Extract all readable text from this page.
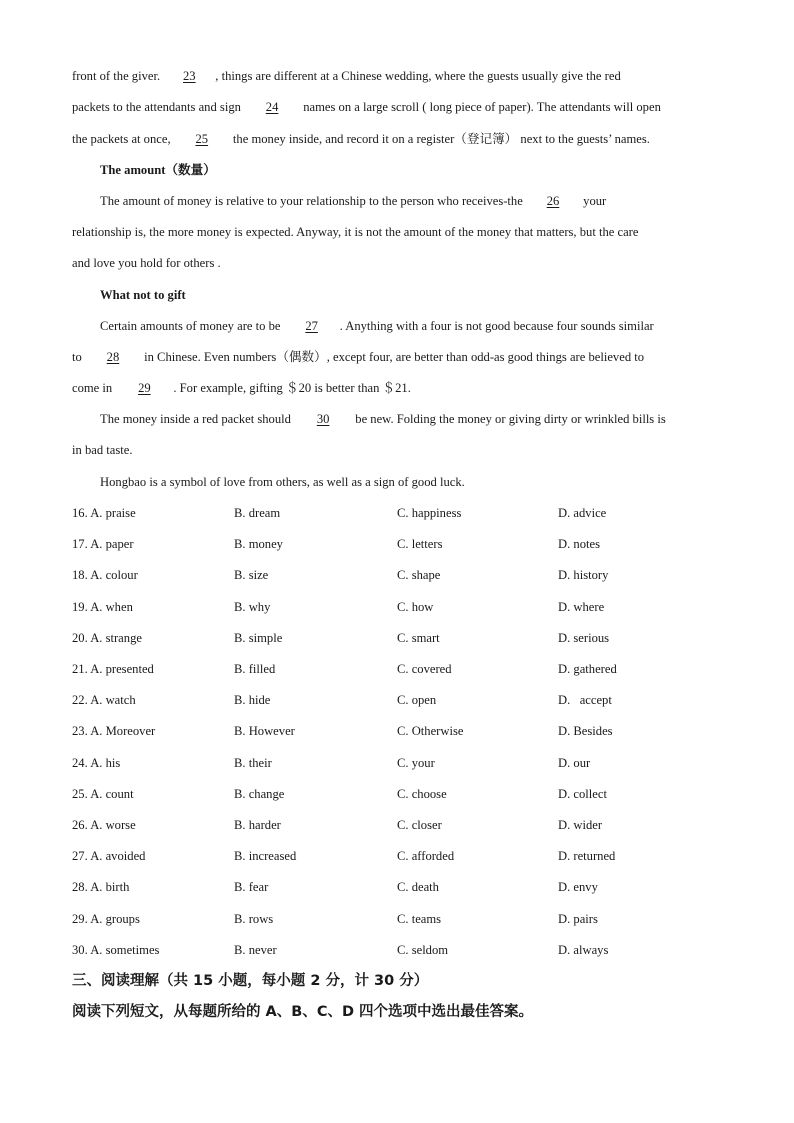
front of the giver. 23 , things are different at a Chinese wedding, where the guests usually give the red
packets to the attendants and sign 24 names on a large scroll ( long piece of paper). The attendants will open
the packets at once, 25 the money inside, and record it on a register（登记簿） next to the guests’ names.
The amount（数量）
The amount of money is relative to your relationship to the person who receives-the 26 your
relationship is, the more money is expected. Anyway, it is not the amount of the money that matters, but the care
and love you hold for others .
What not to gift
Certain amounts of money are to be 27 . Anything with a four is not good because four sounds similar
to 28 in Chinese. Even numbers（偶数）, except four, are better than odd-as good things are believed to
come in 29 . For example, gifting ＄20 is better than ＄21.
The money inside a red packet should 30 be new. Folding the money or giving dirty or wrinkled bills is
in bad taste.
Hongbao is a symbol of love from others, as well as a sign of good luck.
16. A. praise	B. dream	C. happiness	D. advice
17. A. paper	B. money	C. letters	D. notes
18. A. colour	B. size	C. shape	D. history
19. A. when	B. why	C. how	D. where
20. A. strange	B. simple	C. smart	D. serious
21. A. presented	B. filled	C. covered	D. gathered
22. A. watch	B. hide	C. open	D.   accept
23. A. Moreover	B. However	C. Otherwise	D. Besides
24. A. his	B. their	C. your	D. our
25. A. count	B. change	C. choose	D. collect
26. A. worse	B. harder	C. closer	D. wider
27. A. avoided	B. increased	C. afforded	D. returned
28. A. birth	B. fear	C. death	D. envy
29. A. groups	B. rows	C. teams	D. pairs
30. A. sometimes	B. never	C. seldom	D. always
三、阅读理解（共 15 小题，每小题 2 分，计 30 分）
阅读下列短文，从每题所给的 A、B、C、D 四个选项中选出最佳答案。
